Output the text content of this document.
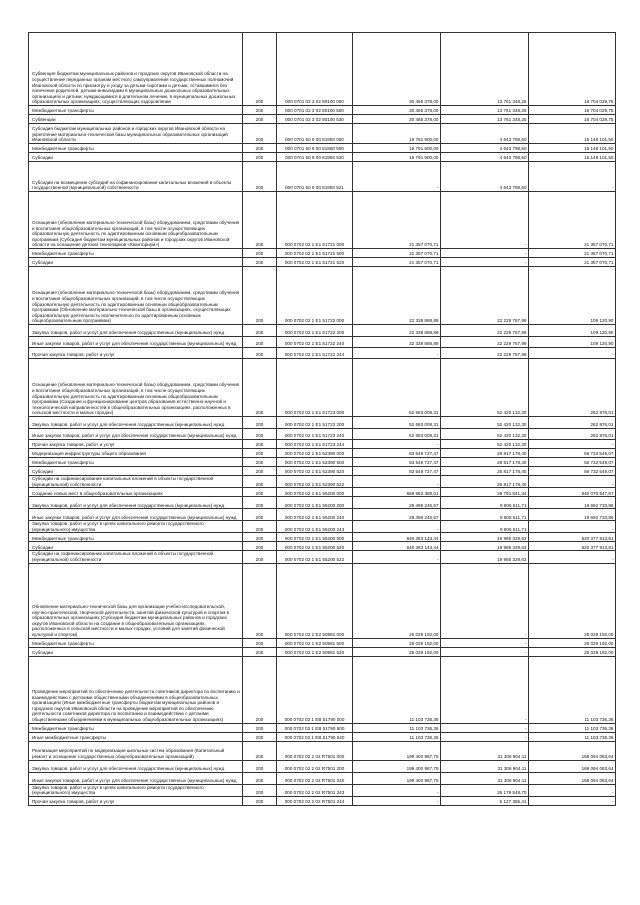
Субвенция бюджетам муниципальных районов и городских округов Ивановской области на осуществление переданных органам местного самоуправления государственных полномочий Ивановской области по присмотру и уходу за детьми-сиротами и детьми, оставшимися без попечения родителей, детьми-инвалидами в муниципальных дошкольных образовательных организациях и детьми, нуждающимися в длительном лечении, в муниципальных дошкольных образовательных организациях, осуществляющих оздоровление	200	000 0701 02 3 02 80100 000	30 465 378,00	13 761 348,25	16 704 029,75
Межбюджетные трансферты	200	000 0701 02 3 02 80100 500	30 465 378,00	13 761 348,25	16 704 029,75
Субвенции	200	000 0701 02 3 02 80100 530	30 465 378,00	13 761 348,25	16 704 029,75
Субсидия бюджетам муниципальных районов и городских округов Ивановской области на укрепление материально-технической базы муниципальных образовательных организаций Ивановской области	200	000 0701 50 9 00 81950 000	19 791 900,00	4 643 798,50	15 148 101,50
Межбюджетные трансферты	200	000 0701 50 9 00 81950 500	19 791 900,00	4 643 798,50	15 148 101,50
Субсидии	200	000 0701 50 9 00 81950 520	19 791 900,00	4 643 798,50	15 148 101,50
Субсидии на возмещение субсидий на софинансирование капитальных вложений в объекты государственной (муниципальной) собственности	200	000 0701 50 9 00 81950 521	-	4 643 798,50	-
Оснащение (обновление материально-технической базы) оборудованием, средствами обучения и воспитания общеобразовательных организаций, в том числе осуществляющих образовательную деятельность по адаптированным основным общеобразовательным программам (Субсидия бюджетам муниципальных районов и городских округов Ивановской области на оснащение детских технопарков «Кванториум»)	200	000 0702 02 1 Е1 51721 000	21 357 070,71	-	21 357 070,71
Межбюджетные трансферты	200	000 0702 02 1 Е1 51721 500	21 357 070,71	-	21 357 070,71
Субсидии	200	000 0702 02 1 Е1 51721 520	21 357 070,71	-	21 357 070,71
Оснащение (обновление материально-технической базы) оборудованием, средствами обучения и воспитания общеобразовательных организаций, в том числе осуществляющих образовательную деятельность по адаптированным основным общеобразовательным программам (Обновление материально-технической базы в организациях, осуществляющих образовательную деятельность исключительно по адаптированным основным общеобразовательным программам)	200	000 0702 02 1 Е1 51722 000	22 338 888,89	22 229 767,99	109 120,90
Закупка товаров, работ и услуг для обеспечения государственных (муниципальных) нужд	200	000 0702 02 1 Е1 51722 200	22 338 888,89	22 229 767,99	109 120,90
Иные закупки товаров, работ и услуг для обеспечения государственных (муниципальных) нужд	200	000 0702 02 1 Е1 51722 240	22 338 888,89	22 229 767,99	109 120,90
Прочая закупка товаров, работ и услуг	200	000 0702 02 1 Е1 51722 244	-	22 229 767,99	-
Оснащение (обновление материально-технической базы) оборудованием, средствами обучения и воспитания общеобразовательных организаций, в том числе осуществляющих образовательную деятельность по адаптированным основным общеобразовательным программам (Создание и функционирование центров образования естественно-научной и технологической направленностей в общеобразовательных организациях, расположенных в сельской местности и малых городах)	200	000 0702 02 1 Е1 51723 000	52 683 008,31	52 420 132,30	262 876,01
Закупка товаров, работ и услуг для обеспечения государственных (муниципальных) нужд	200	000 0702 02 1 Е1 51723 200	52 683 008,31	52 420 132,30	262 876,01
Иные закупки товаров, работ и услуг для обеспечения государственных (муниципальных) нужд	200	000 0702 02 1 Е1 51723 240	52 683 008,31	52 420 132,30	262 876,01
Прочая закупка товаров, работ и услуг	200	000 0702 02 1 Е1 51723 244	-	52 420 132,30	-
Модернизация инфраструктуры общего образования	200	000 0702 02 1 Е1 52390 000	83 549 727,47	26 817 178,40	56 732 549,07
Межбюджетные трансферты	200	000 0702 02 1 Е1 52390 500	83 549 727,47	26 817 178,40	56 732 549,07
Субсидии	200	000 0702 02 1 Е1 52390 520	83 549 727,47	26 817 178,40	56 732 549,07
Субсидии на софинансирование капитальных вложений в объекты государственной (муниципальной) собственности	200	000 0702 02 1 Е1 52390 522	-	26 817 178,40	-
Создание новых мест в общеобразовательных организациях	200	000 0702 02 1 Е1 55200 000	669 862 389,01	29 791 841,34	640 070 547,67
Закупка товаров, работ и услуг для обеспечения государственных (муниципальных) нужд	200	000 0702 02 1 Е1 55200 200	29 499 245,57	9 806 511,71	19 692 733,86
Иные закупки товаров, работ и услуг для обеспечения государственных (муниципальных) нужд	200	000 0702 02 1 Е1 55200 240	29 499 245,57	9 806 511,71	19 692 733,86
Закупка товаров, работ и услуг в целях капитального ремонта государственного (муниципального) имущества	200	000 0702 02 1 Е1 55200 243	-	9 806 511,71	-
Межбюджетные трансферты	200	000 0702 02 1 Е1 55200 500	640 363 143,44	19 985 329,63	620 377 813,81
Субсидии	200	000 0702 02 1 Е1 55200 520	640 363 143,44	19 985 329,63	620 377 813,81
Субсидии на софинансирование капитальных вложений в объекты государственной (муниципальной) собственности	200	000 0702 02 1 Е1 55200 522	-	19 985 329,63	-
Обновление материально-технической базы для организации учебно-исследовательской, научно-практической, творческой деятельности, занятий физической культурой и спортом в образовательных организациях (Субсидия бюджетам муниципальных районов и городских округов Ивановской области на создание в общеобразовательных организациях, расположенных в сельской местности и малых городах, условий для занятий физической культурой и спортом)	200	000 0702 02 1 Е2 50981 000	25 029 192,00	-	25 029 192,00
Межбюджетные трансферты	200	000 0702 02 1 Е2 50981 500	25 029 192,00	-	25 029 192,00
Субсидии	200	000 0702 02 1 Е2 50981 520	25 029 192,00	-	25 029 192,00
Проведение мероприятий по обеспечению деятельности советников директора по воспитанию и взаимодействию с детскими общественными объединениями в общеобразовательных организациях (Иные межбюджетные трансферты бюджетам муниципальных районов и городских округов Ивановской области на проведение мероприятий по обеспечению деятельности советников директора по воспитанию и взаимодействию с детскими общественными объединениями в муниципальных общеобразовательных организациях)	200	000 0702 02 1 ЕВ 51790 000	11 103 736,36	-	11 103 736,36
Межбюджетные трансферты	200	000 0702 02 1 ЕВ 51790 500	11 103 736,36	-	11 103 736,36
Иные межбюджетные трансферты	200	000 0702 02 1 ЕВ 51790 540	11 103 736,36	-	11 103 736,36
Реализация мероприятий по модернизации школьных систем образования (Капитальный ремонт и оснащение государственных общеобразовательных организаций)	200	000 0702 02 2 02 R7501 000	199 400 967,75	31 306 904,11	168 094 063,64
Закупка товаров, работ и услуг для обеспечения государственных (муниципальных) нужд	200	000 0702 02 2 02 R7501 200	199 400 967,75	31 306 904,11	168 094 063,64
Иные закупки товаров, работ и услуг для обеспечения государственных (муниципальных) нужд	200	000 0702 02 2 02 R7501 240	199 400 967,75	31 306 904,11	168 094 063,64
Закупка товаров, работ и услуг в целях капитального ремонта государственного (муниципального) имущества	200	000 0702 02 2 02 R7501 243	-	26 179 548,70	-
Прочая закупка товаров, работ и услуг	200	000 0702 02 2 02 R7501 244	-	5 127 355,41	-
